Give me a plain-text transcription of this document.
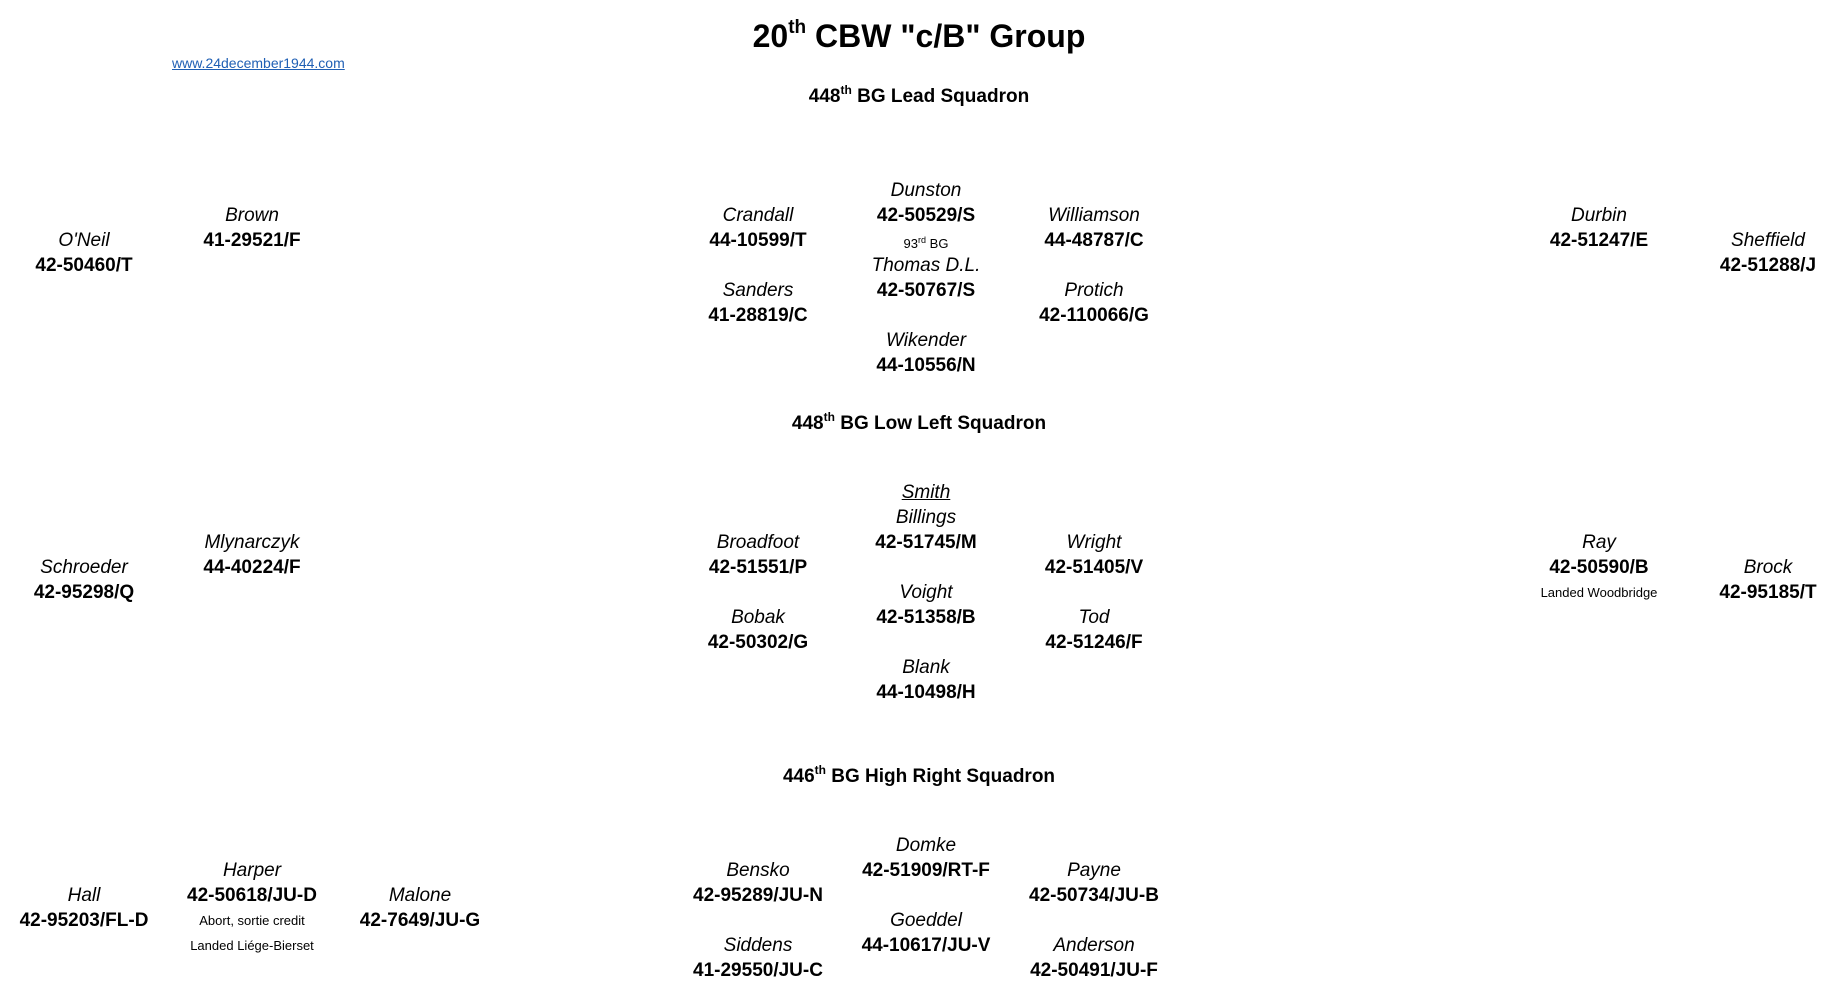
20th CBW "c/B" Group
www.24december1944.com
448th BG Lead Squadron
O'Neil
42-50460/T
Brown
41-29521/F
Crandall
44-10599/T
Dunston
42-50529/S
93rd BG
Williamson
44-48787/C
Thomas D.L.
42-50767/S
Sanders
41-28819/C
Protich
42-110066/G
Wikender
44-10556/N
Durbin
42-51247/E	Sheffield
42-51288/J
448th BG Low Left Squadron
Schroeder
42-95298/Q
Mlynarczyk
44-40224/F
Smith
Billings
42-51745/M
Broadfoot
42-51551/P
Wright
42-51405/V
Voight
42-51358/B
Bobak
42-50302/G
Tod
42-51246/F
Blank
44-10498/H
Ray
42-50590/B
Landed Woodbridge
Brock
42-95185/T
446th BG High Right Squadron
Hall
42-95203/FL-D
Harper
42-50618/JU-D
Abort, sortie credit
Landed Liége-Bierset
Malone
42-7649/JU-G
Domke
42-51909/RT-F
Bensko
42-95289/JU-N
Payne
42-50734/JU-B
Goeddel
44-10617/JU-V
Siddens
41-29550/JU-C
Anderson
42-50491/JU-F
